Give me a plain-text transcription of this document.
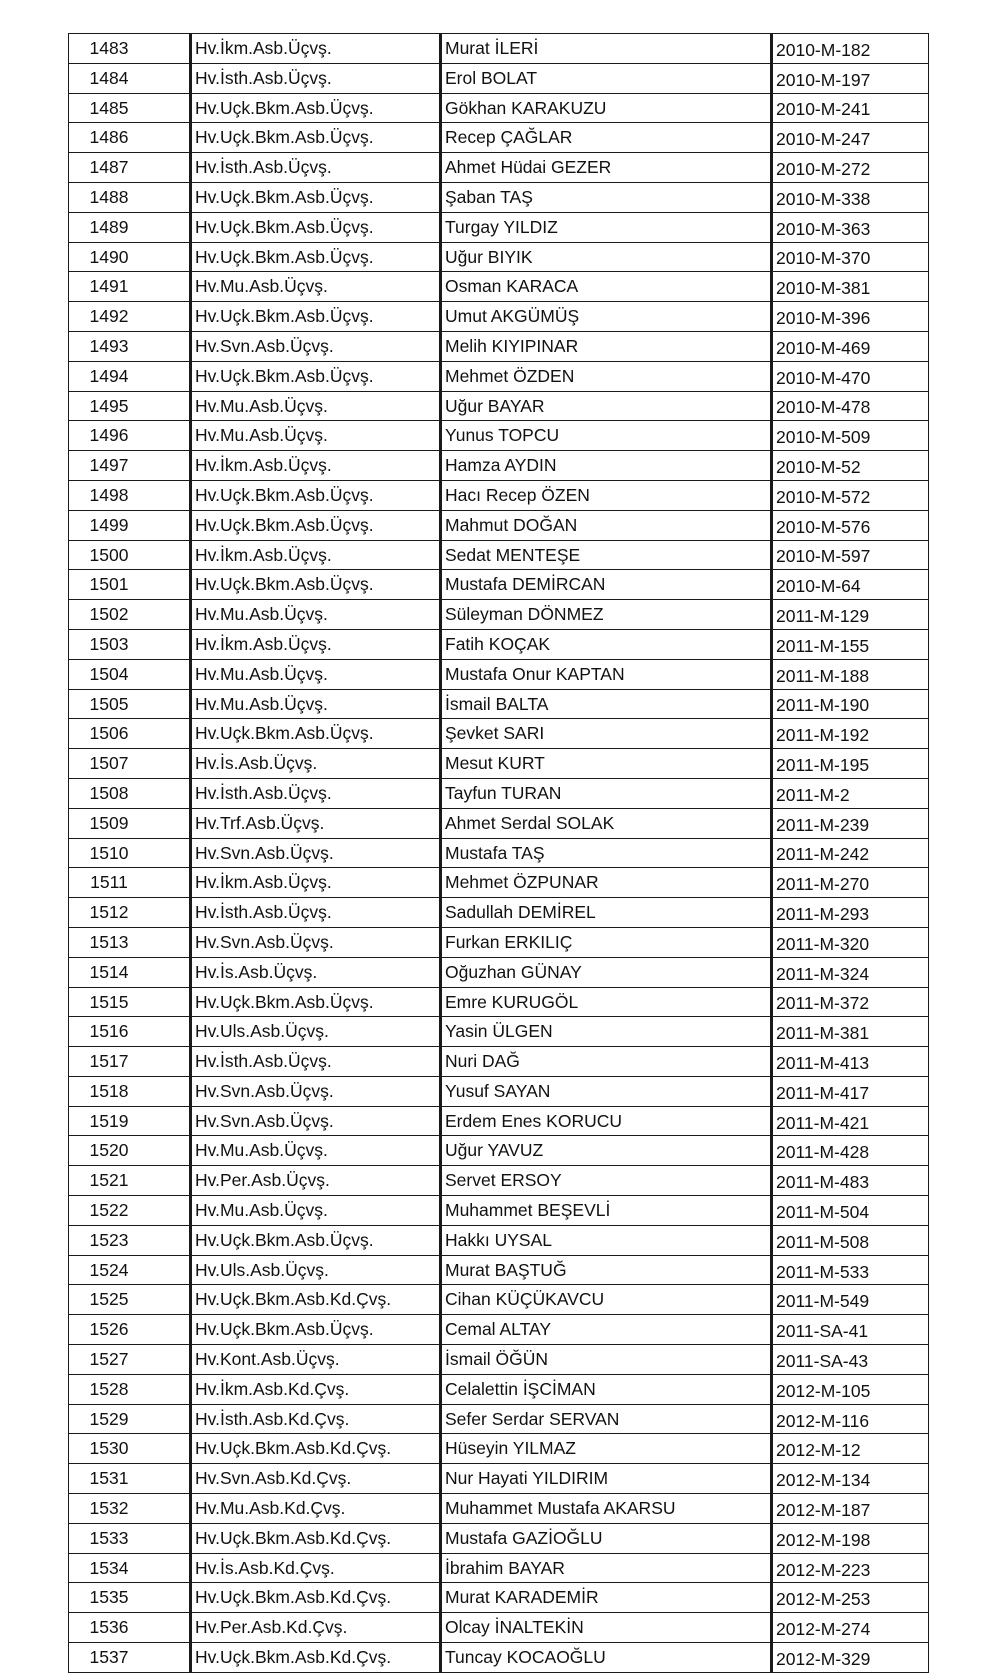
1483	Hv.İkm.Asb.Üçvş.	Murat İLERİ	2010-M-182
1484	Hv.İsth.Asb.Üçvş.	Erol BOLAT	2010-M-197
1485	Hv.Uçk.Bkm.Asb.Üçvş.	Gökhan KARAKUZU	2010-M-241
1486	Hv.Uçk.Bkm.Asb.Üçvş.	Recep ÇAĞLAR	2010-M-247
1487	Hv.İsth.Asb.Üçvş.	Ahmet Hüdai GEZER	2010-M-272
1488	Hv.Uçk.Bkm.Asb.Üçvş.	Şaban TAŞ	2010-M-338
1489	Hv.Uçk.Bkm.Asb.Üçvş.	Turgay YILDIZ	2010-M-363
1490	Hv.Uçk.Bkm.Asb.Üçvş.	Uğur BIYIK	2010-M-370
1491	Hv.Mu.Asb.Üçvş.	Osman KARACA	2010-M-381
1492	Hv.Uçk.Bkm.Asb.Üçvş.	Umut AKGÜMÜŞ	2010-M-396
1493	Hv.Svn.Asb.Üçvş.	Melih KIYIPINAR	2010-M-469
1494	Hv.Uçk.Bkm.Asb.Üçvş.	Mehmet ÖZDEN	2010-M-470
1495	Hv.Mu.Asb.Üçvş.	Uğur BAYAR	2010-M-478
1496	Hv.Mu.Asb.Üçvş.	Yunus TOPCU	2010-M-509
1497	Hv.İkm.Asb.Üçvş.	Hamza AYDIN	2010-M-52
1498	Hv.Uçk.Bkm.Asb.Üçvş.	Hacı Recep ÖZEN	2010-M-572
1499	Hv.Uçk.Bkm.Asb.Üçvş.	Mahmut DOĞAN	2010-M-576
1500	Hv.İkm.Asb.Üçvş.	Sedat MENTEŞE	2010-M-597
1501	Hv.Uçk.Bkm.Asb.Üçvş.	Mustafa DEMİRCAN	2010-M-64
1502	Hv.Mu.Asb.Üçvş.	Süleyman DÖNMEZ	2011-M-129
1503	Hv.İkm.Asb.Üçvş.	Fatih KOÇAK	2011-M-155
1504	Hv.Mu.Asb.Üçvş.	Mustafa Onur KAPTAN	2011-M-188
1505	Hv.Mu.Asb.Üçvş.	İsmail BALTA	2011-M-190
1506	Hv.Uçk.Bkm.Asb.Üçvş.	Şevket SARI	2011-M-192
1507	Hv.İs.Asb.Üçvş.	Mesut KURT	2011-M-195
1508	Hv.İsth.Asb.Üçvş.	Tayfun TURAN	2011-M-2
1509	Hv.Trf.Asb.Üçvş.	Ahmet Serdal SOLAK	2011-M-239
1510	Hv.Svn.Asb.Üçvş.	Mustafa TAŞ	2011-M-242
1511	Hv.İkm.Asb.Üçvş.	Mehmet ÖZPUNAR	2011-M-270
1512	Hv.İsth.Asb.Üçvş.	Sadullah DEMİREL	2011-M-293
1513	Hv.Svn.Asb.Üçvş.	Furkan ERKILIÇ	2011-M-320
1514	Hv.İs.Asb.Üçvş.	Oğuzhan GÜNAY	2011-M-324
1515	Hv.Uçk.Bkm.Asb.Üçvş.	Emre KURUGÖL	2011-M-372
1516	Hv.Uls.Asb.Üçvş.	Yasin ÜLGEN	2011-M-381
1517	Hv.İsth.Asb.Üçvş.	Nuri DAĞ	2011-M-413
1518	Hv.Svn.Asb.Üçvş.	Yusuf SAYAN	2011-M-417
1519	Hv.Svn.Asb.Üçvş.	Erdem Enes KORUCU	2011-M-421
1520	Hv.Mu.Asb.Üçvş.	Uğur YAVUZ	2011-M-428
1521	Hv.Per.Asb.Üçvş.	Servet ERSOY	2011-M-483
1522	Hv.Mu.Asb.Üçvş.	Muhammet BEŞEVLİ	2011-M-504
1523	Hv.Uçk.Bkm.Asb.Üçvş.	Hakkı UYSAL	2011-M-508
1524	Hv.Uls.Asb.Üçvş.	Murat BAŞTUĞ	2011-M-533
1525	Hv.Uçk.Bkm.Asb.Kd.Çvş.	Cihan KÜÇÜKAVCU	2011-M-549
1526	Hv.Uçk.Bkm.Asb.Üçvş.	Cemal ALTAY	2011-SA-41
1527	Hv.Kont.Asb.Üçvş.	İsmail ÖĞÜN	2011-SA-43
1528	Hv.İkm.Asb.Kd.Çvş.	Celalettin İŞCİMAN	2012-M-105
1529	Hv.İsth.Asb.Kd.Çvş.	Sefer Serdar SERVAN	2012-M-116
1530	Hv.Uçk.Bkm.Asb.Kd.Çvş.	Hüseyin YILMAZ	2012-M-12
1531	Hv.Svn.Asb.Kd.Çvş.	Nur Hayati YILDIRIM	2012-M-134
1532	Hv.Mu.Asb.Kd.Çvş.	Muhammet Mustafa AKARSU	2012-M-187
1533	Hv.Uçk.Bkm.Asb.Kd.Çvş.	Mustafa GAZİOĞLU	2012-M-198
1534	Hv.İs.Asb.Kd.Çvş.	İbrahim BAYAR	2012-M-223
1535	Hv.Uçk.Bkm.Asb.Kd.Çvş.	Murat KARADEMİR	2012-M-253
1536	Hv.Per.Asb.Kd.Çvş.	Olcay İNALTEKİN	2012-M-274
1537	Hv.Uçk.Bkm.Asb.Kd.Çvş.	Tuncay KOCAOĞLU	2012-M-329
